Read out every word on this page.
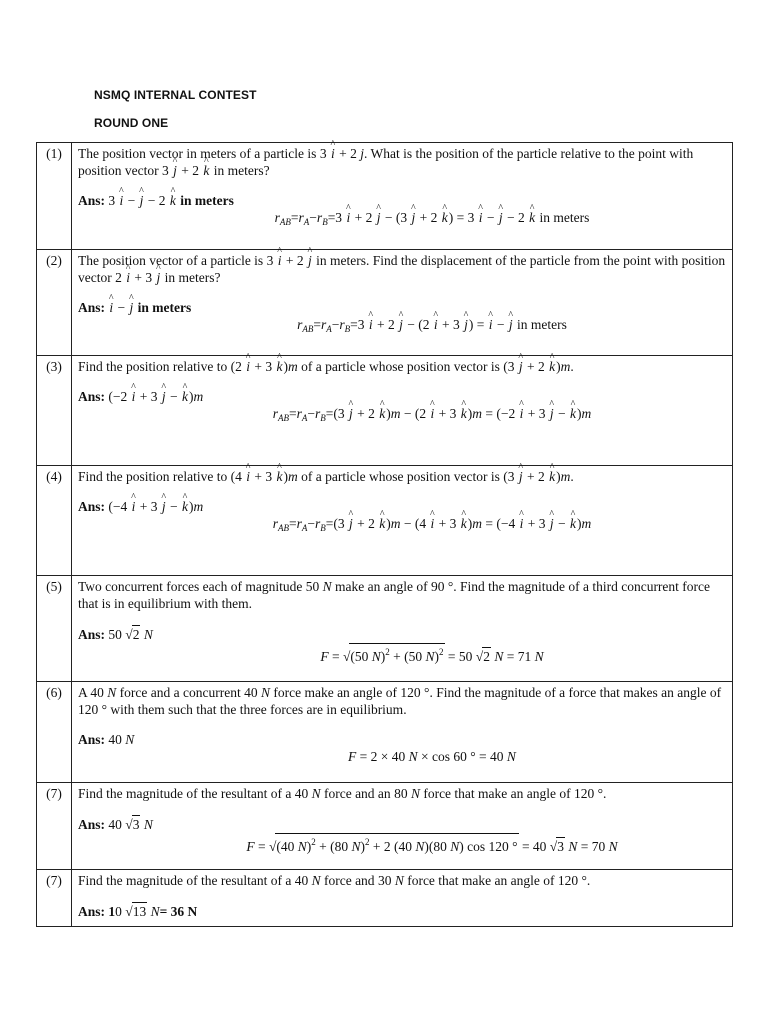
NSMQ INTERNAL CONTEST
ROUND ONE
(1)	The position vector in meters of a particle is 3 ^ i + 2 j. What is the position of the particle relative to the point with position vector 3 ^ j + 2 ^ k in meters?

Ans: 3 ^ i − ^ j − 2 ^ k in meters

$r_{AB}=r_A-r_B=3$ ^ i + 2 ^ j − (3 ^ j + 2 ^ k) = 3 ^ i − ^ j − 2 ^ k in meters

(2)	The position vector of a particle is 3 ^ i + 2 ^ j in meters. Find the displacement of the particle from the point with position vector 2 ^ i + 3 ^ j in meters?

Ans: ^ i − ^ j in meters

$r_{AB}=r_A-r_B=3$ ^ i + 2 ^ j − (2 ^ i + 3 ^ j) = ^ i − ^ j in meters

(3)	Find the position relative to (2 ^ i + 3 ^ k)m of a particle whose position vector is (3 ^ j + 2 ^ k)m.

Ans: (−2 ^ i + 3 ^ j − ^ k)m

$r_{AB}=r_A-r_B=(3$ ^ j + 2 ^ k)m − (2 ^ i + 3 ^ k)m = (−2 ^ i + 3 ^ j − ^ k)m

(4)	Find the position relative to (4 ^ i + 3 ^ k)m of a particle whose position vector is (3 ^ j + 2 ^ k)m.

Ans: (−4 ^ i + 3 ^ j − ^ k)m

$r_{AB}=r_A-r_B=(3$ ^ j + 2 ^ k)m − (4 ^ i + 3 ^ k)m = (−4 ^ i + 3 ^ j − ^ k)m

(5)	Two concurrent forces each of magnitude 50 N make an angle of 90 °. Find the magnitude of a third concurrent force that is in equilibrium with them.

Ans: 50 √2 N

F = √(50 N)$^2$ + (50 N)$^2$ = 50 √2 N = 71 N

(6)	A 40 N force and a concurrent 40 N force make an angle of 120 °. Find the magnitude of a force that makes an angle of 120 ° with them such that the three forces are in equilibrium.

Ans: 40 N

F = 2 × 40 N × cos 60 ° = 40 N

(7)	Find the magnitude of the resultant of a 40 N force and an 80 N force that make an angle of 120 °.

Ans: 40 √3 N

F = √(40 N)$^2$ + (80 N)$^2$ + 2 (40 N)(80 N) cos 120 ° = 40 √3 N = 70 N

(7)	Find the magnitude of the resultant of a 40 N force and 30 N force that make an angle of 120 °.

Ans: 10 √13 N= 36 N
